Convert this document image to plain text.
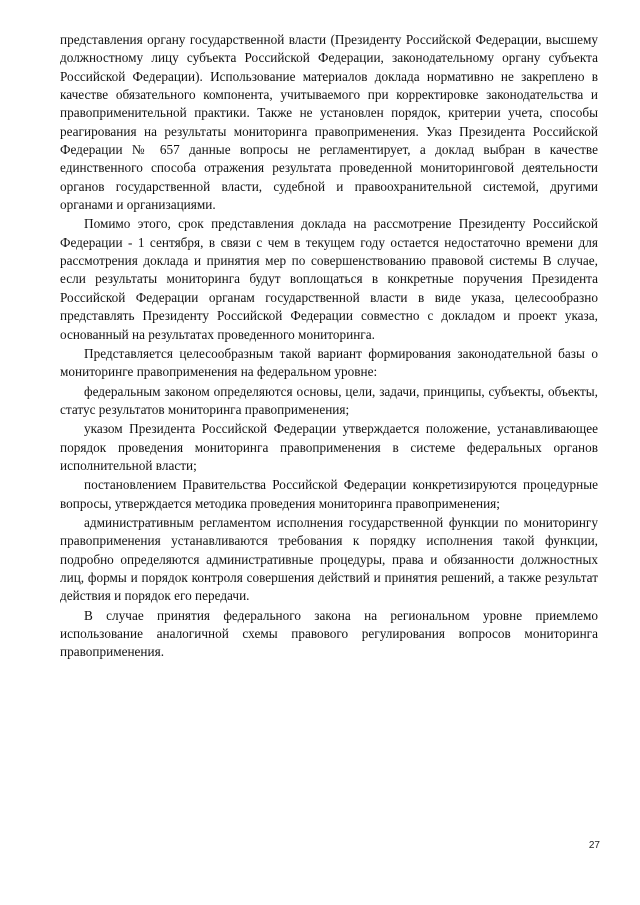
представления органу государственной власти (Президенту Российской Федерации, высшему должностному лицу субъекта Российской Федерации, законодательному органу субъекта Российской Федерации). Использование материалов доклада нормативно не закреплено в качестве обязательного компонента, учитываемого при корректировке законодательства и правоприменительной практики. Также не установлен порядок, критерии учета, способы реагирования на результаты мониторинга правоприменения. Указ Президента Российской Федерации № 657 данные вопросы не регламентирует, а доклад выбран в качестве единственного способа отражения результата проведенной мониторинговой деятельности органов государственной власти, судебной и правоохранительной системой, другими органами и организациями.

Помимо этого, срок представления доклада на рассмотрение Президенту Российской Федерации - 1 сентября, в связи с чем в текущем году остается недостаточно времени для рассмотрения доклада и принятия мер по совершенствованию правовой системы В случае, если результаты мониторинга будут воплощаться в конкретные поручения Президента Российской Федерации органам государственной власти в виде указа, целесообразно представлять Президенту Российской Федерации совместно с докладом и проект указа, основанный на результатах проведенного мониторинга.

Представляется целесообразным такой вариант формирования законодательной базы о мониторинге правоприменения на федеральном уровне:

федеральным законом определяются основы, цели, задачи, принципы, субъекты, объекты, статус результатов мониторинга правоприменения;

указом Президента Российской Федерации утверждается положение, устанавливающее порядок проведения мониторинга правоприменения в системе федеральных органов исполнительной власти;

постановлением Правительства Российской Федерации конкретизируются процедурные вопросы, утверждается методика проведения мониторинга правоприменения;

административным регламентом исполнения государственной функции по мониторингу правоприменения устанавливаются требования к порядку исполнения такой функции, подробно определяются административные процедуры, права и обязанности должностных лиц, формы и порядок контроля совершения действий и принятия решений, а также результат действия и порядок его передачи.

В случае принятия федерального закона на региональном уровне приемлемо использование аналогичной схемы правового регулирования вопросов мониторинга правоприменения.

27
